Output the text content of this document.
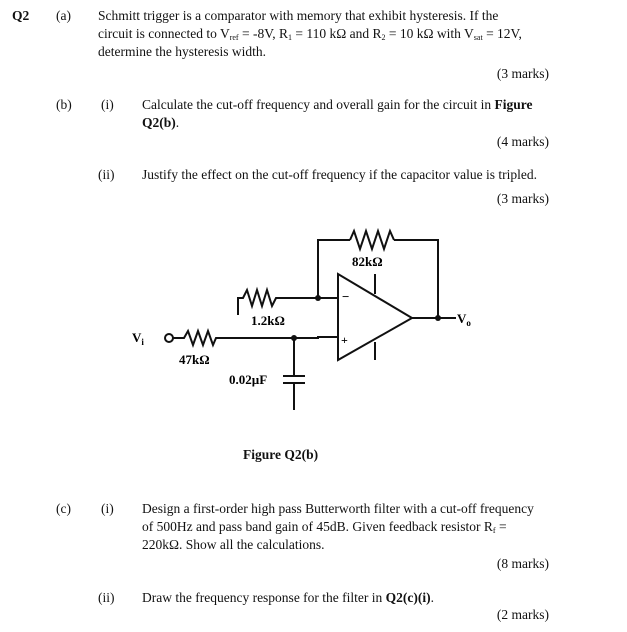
Q2 (a) Schmitt trigger is a comparator with memory that exhibit hysteresis. If the
circuit is connected to $V_{ref} = -8V$, $R_1 = 110$ kΩ and $R_2 = 10$ kΩ with $V_{sat} = 12V$,
determine the hysteresis width.
(3 marks)
(b) (i) Calculate the cut-off frequency and overall gain for the circuit in Figure
Q2(b).
(4 marks)
(ii) Justify the effect on the cut-off frequency if the capacitor value is tripled.
(3 marks)
82kΩ
1.2kΩ
47kΩ
0.02µF
−
+
$V_i$
$V_o$
Figure Q2(b)
(c) (i) Design a first-order high pass Butterworth filter with a cut-off frequency
of 500Hz and pass band gain of 45dB. Given feedback resistor $R_f$ =
220kΩ. Show all the calculations.
(8 marks)
(ii) Draw the frequency response for the filter in Q2(c)(i).
(2 marks)
